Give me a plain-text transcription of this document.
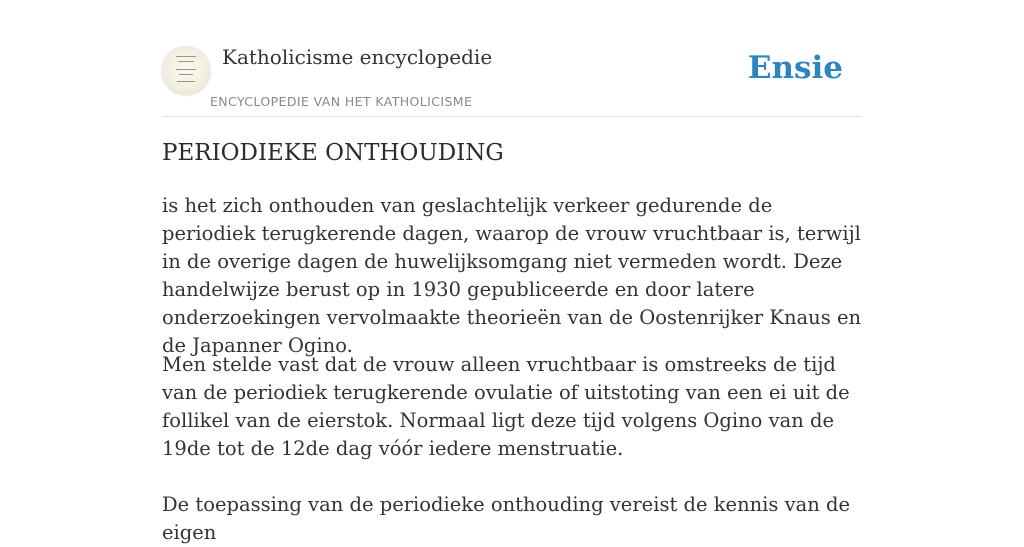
Katholicisme encyclopedie
ENCYCLOPEDIE VAN HET KATHOLICISME
Ensie
PERIODIEKE ONTHOUDING

is het zich onthouden van geslachtelijk verkeer gedurende de periodiek terugkerende dagen, waarop de vrouw vruchtbaar is, terwijl in de overige dagen de huwelijksomgang niet vermeden wordt. Deze handelwijze berust op in 1930 gepubliceerde en door latere onderzoekingen vervolmaakte theorieën van de Oostenrijker Knaus en de Japanner Ogino.

Men stelde vast dat de vrouw alleen vruchtbaar is omstreeks de tijd van de periodiek terugkerende ovulatie of uitstoting van een ei uit de follikel van de eierstok. Normaal ligt deze tijd volgens Ogino van de 19de tot de 12de dag vóór iedere menstruatie.

De toepassing van de periodieke onthouding vereist de kennis van de eigen
